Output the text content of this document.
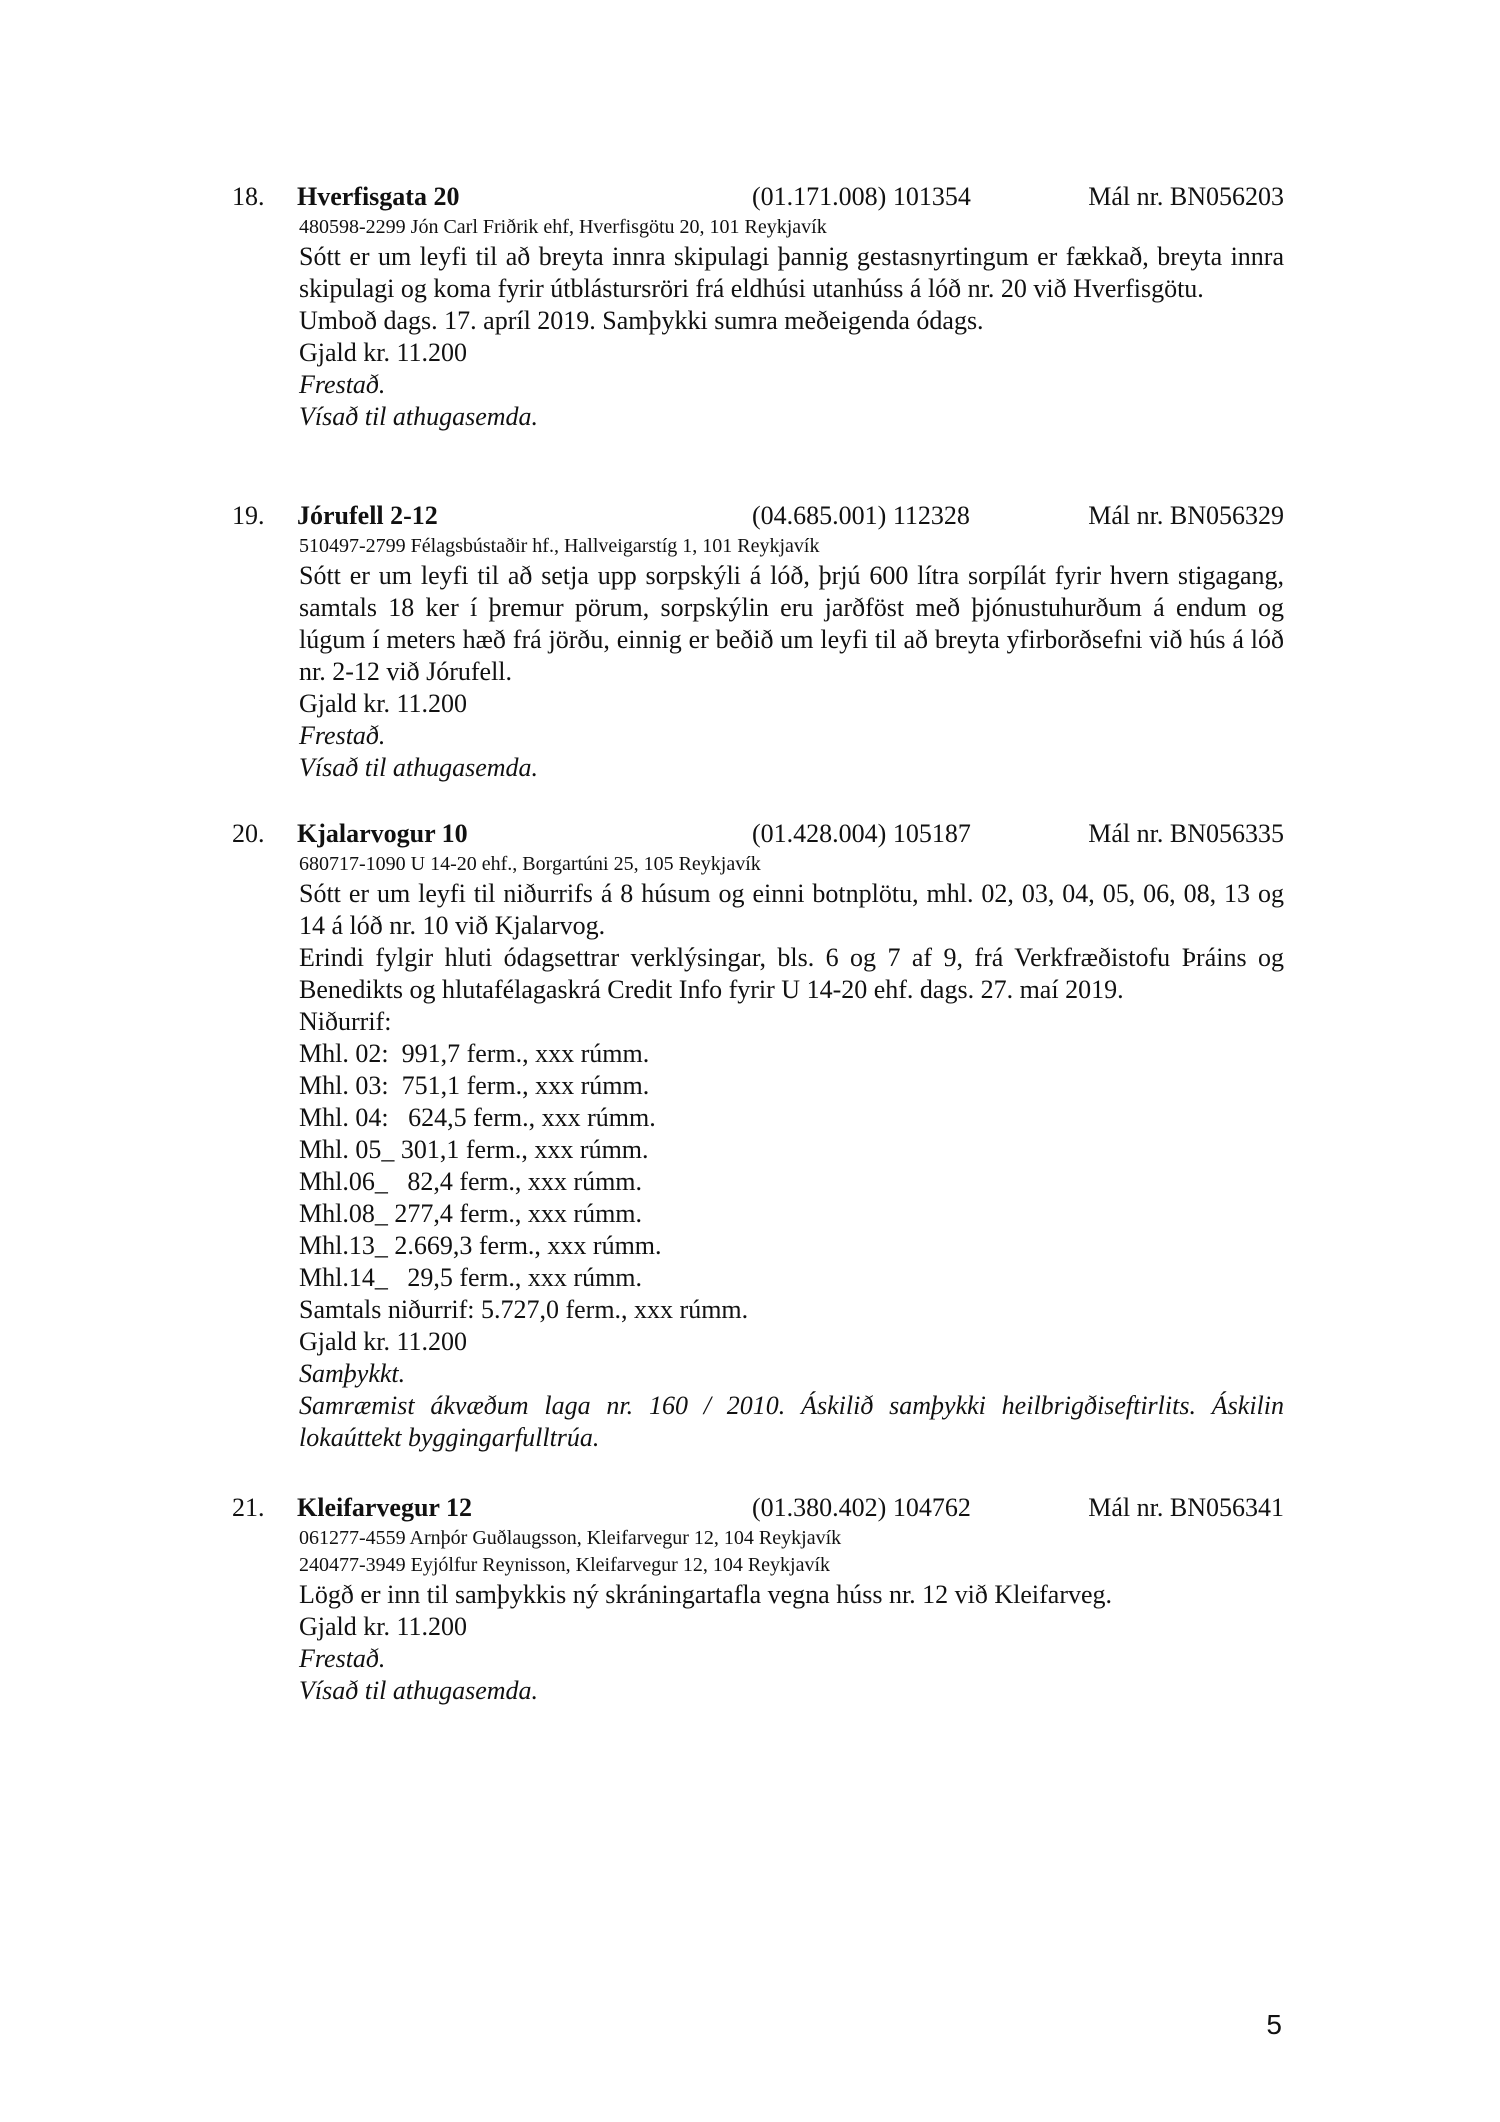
18. Hverfisgata 20	(01.171.008) 101354	Mál nr. BN056203
480598-2299 Jón Carl Friðrik ehf, Hverfisgötu 20, 101 Reykjavík
Sótt er um leyfi til að breyta innra skipulagi þannig gestasnyrtingum er fækkað, breyta innra skipulagi og koma fyrir útblástursröri frá eldhúsi utanhúss á lóð nr. 20 við Hverfisgötu.
Umboð dags. 17. apríl 2019. Samþykki sumra meðeigenda ódags.
Gjald kr. 11.200
Frestað.
Vísað til athugasemda.
19. Jórufell 2-12	(04.685.001) 112328	Mál nr. BN056329
510497-2799 Félagsbústaðir hf., Hallveigarstíg 1, 101 Reykjavík
Sótt er um leyfi til að setja upp sorpskýli á lóð, þrjú 600 lítra sorpílát fyrir hvern stigagang, samtals 18 ker í þremur pörum, sorpskýlin eru jarðföst með þjónustuhurðum á endum og lúgum í meters hæð frá jörðu, einnig er beðið um leyfi til að breyta yfirborðsefni við hús á lóð nr. 2-12 við Jórufell.
Gjald kr. 11.200
Frestað.
Vísað til athugasemda.
20. Kjalarvogur 10	(01.428.004) 105187	Mál nr. BN056335
680717-1090 U 14-20 ehf., Borgartúni 25, 105 Reykjavík
Sótt er um leyfi til niðurrifs á 8 húsum og einni botnplötu, mhl. 02, 03, 04, 05, 06, 08, 13 og 14 á lóð nr. 10 við Kjalarvog.
Erindi fylgir hluti ódagsettrar verklýsingar, bls. 6 og 7 af 9, frá Verkfræðistofu Þráins og Benedikts og hlutafélagaskrá Credit Info fyrir U 14-20 ehf. dags. 27. maí 2019.
Niðurrif:
Mhl. 02:  991,7 ferm., xxx rúmm.
Mhl. 03:  751,1 ferm., xxx rúmm.
Mhl. 04:   624,5 ferm., xxx rúmm.
Mhl. 05_ 301,1 ferm., xxx rúmm.
Mhl.06_   82,4 ferm., xxx rúmm.
Mhl.08_ 277,4 ferm., xxx rúmm.
Mhl.13_ 2.669,3 ferm., xxx rúmm.
Mhl.14_   29,5 ferm., xxx rúmm.
Samtals niðurrif: 5.727,0 ferm., xxx rúmm.
Gjald kr. 11.200
Samþykkt.
Samræmist ákvæðum laga nr. 160 / 2010. Áskilið samþykki heilbrigðiseftirlits. Áskilin lokaúttekt byggingarfulltrúa.
21. Kleifarvegur 12	(01.380.402) 104762	Mál nr. BN056341
061277-4559 Arnþór Guðlaugsson, Kleifarvegur 12, 104 Reykjavík
240477-3949 Eyjólfur Reynisson, Kleifarvegur 12, 104 Reykjavík
Lögð er inn til samþykkis ný skráningartafla vegna húss nr. 12 við Kleifarveg.
Gjald kr. 11.200
Frestað.
Vísað til athugasemda.
5
